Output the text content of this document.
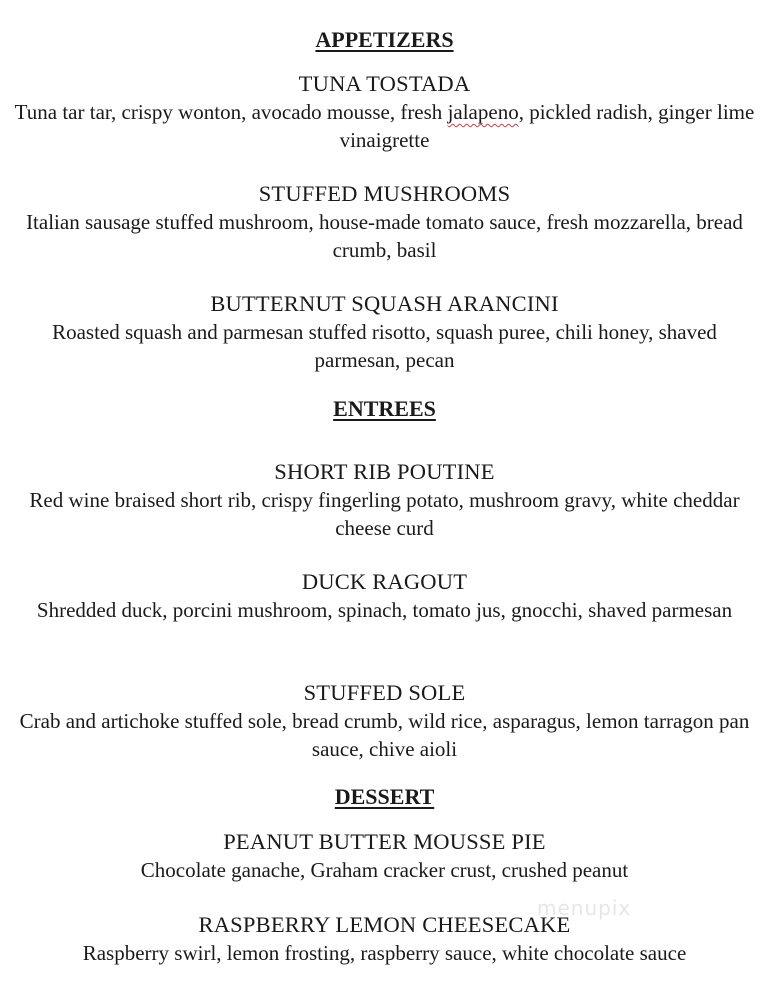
APPETIZERS
TUNA TOSTADA
Tuna tar tar, crispy wonton, avocado mousse, fresh jalapeno, pickled radish, ginger lime vinaigrette
STUFFED MUSHROOMS
Italian sausage stuffed mushroom, house-made tomato sauce, fresh mozzarella, bread crumb, basil
BUTTERNUT SQUASH ARANCINI
Roasted squash and parmesan stuffed risotto, squash puree, chili honey, shaved parmesan, pecan
ENTREES
SHORT RIB POUTINE
Red wine braised short rib, crispy fingerling potato, mushroom gravy, white cheddar cheese curd
DUCK RAGOUT
Shredded duck, porcini mushroom, spinach, tomato jus, gnocchi, shaved parmesan
STUFFED SOLE
Crab and artichoke stuffed sole, bread crumb, wild rice, asparagus, lemon tarragon pan sauce, chive aioli
DESSERT
PEANUT BUTTER MOUSSE PIE
Chocolate ganache, Graham cracker crust, crushed peanut
menupix
RASPBERRY LEMON CHEESECAKE
Raspberry swirl, lemon frosting, raspberry sauce, white chocolate sauce
